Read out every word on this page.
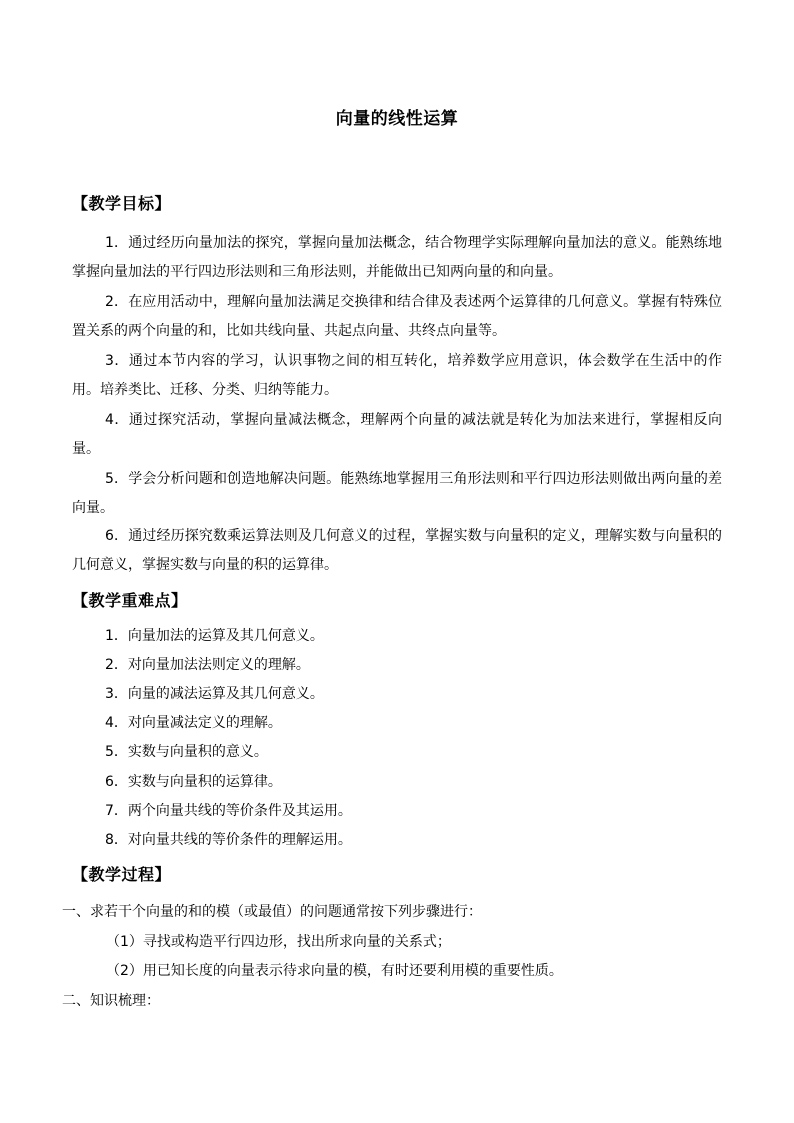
向量的线性运算
【教学目标】

1．通过经历向量加法的探究，掌握向量加法概念，结合物理学实际理解向量加法的意义。能熟练地掌握向量加法的平行四边形法则和三角形法则，并能做出已知两向量的和向量。

2．在应用活动中，理解向量加法满足交换律和结合律及表述两个运算律的几何意义。掌握有特殊位置关系的两个向量的和，比如共线向量、共起点向量、共终点向量等。

3．通过本节内容的学习，认识事物之间的相互转化，培养数学应用意识，体会数学在生活中的作用。培养类比、迁移、分类、归纳等能力。

4．通过探究活动，掌握向量减法概念，理解两个向量的减法就是转化为加法来进行，掌握相反向量。

5．学会分析问题和创造地解决问题。能熟练地掌握用三角形法则和平行四边形法则做出两向量的差向量。

6．通过经历探究数乘运算法则及几何意义的过程，掌握实数与向量积的定义，理解实数与向量积的几何意义，掌握实数与向量的积的运算律。

【教学重难点】
1．向量加法的运算及其几何意义。
2．对向量加法法则定义的理解。
3．向量的减法运算及其几何意义。
4．对向量减法定义的理解。
5．实数与向量积的意义。
6．实数与向量积的运算律。
7．两个向量共线的等价条件及其运用。
8．对向量共线的等价条件的理解运用。
【教学过程】
一、求若干个向量的和的模（或最值）的问题通常按下列步骤进行：
（1）寻找或构造平行四边形，找出所求向量的关系式；
（2）用已知长度的向量表示待求向量的模，有时还要利用模的重要性质。
二、知识梳理：
